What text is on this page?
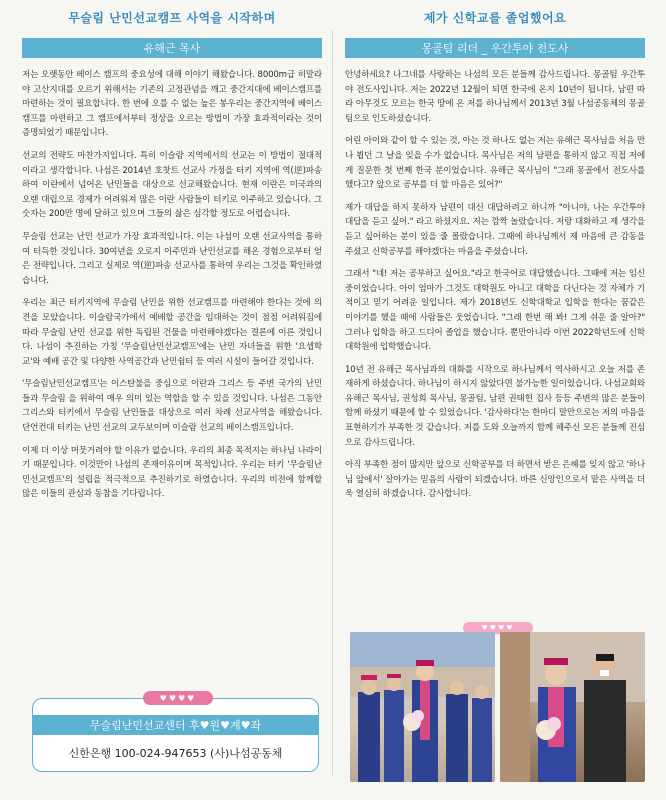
무슬림 난민선교캠프 사역을 시작하며
유해근 목사

저는 오랫동안 베이스 캠프의 중요성에 대해 이야기 해왔습니다. 8000m급 히말라야 고산지대를 오르기 위해서는 기존의 고정관념을 깨고 중간지대에 베이스캠프를 마련하는 것이 필요합니다. 한 번에 오를 수 없는 높은 봉우리는 중간지역에 베이스캠프를 마련하고 그 캠프에서부터 정상을 오르는 방법이 가장 효과적이라는 것이 증명되었기 때문입니다.

선교의 전략도 마찬가지입니다. 특히 이슬람 지역에서의 선교는 이 방법이 절대적이라고 생각합니다. 나섬은 2014년 호찻트 선교사 가정을 터키 지역에 역(逆)파송하여 이란에서 넘어온 난민들을 대상으로 선교해왔습니다. 현재 이란은 미국과의 오랜 대립으로 경제가 어려워져 많은 이란 사람들이 터키로 이주하고 있습니다. 그 숫자는 200만 명에 달하고 있으며 그들의 삶은 심각할 정도로 어렵습니다.

무슬림 선교는 난민 선교가 가장 효과적입니다. 이는 나섬이 오랜 선교사역을 통하여 터득한 것입니다. 30여년을 오로지 이주민과 난민선교를 해온 경험으로부터 얻은 전략입니다. 그리고 실제로 역(逆)파송 선교사를 통하여 우리는 그것을 확인하였습니다.

우리는 최근 터키지역에 무슬림 난민을 위한 선교캠프를 마련해야 한다는 것에 의견을 모았습니다. 이슬람국가에서 예배할 공간을 임대하는 것이 점점 어려워짐에 따라 무슬림 난민 선교를 위한 독립된 건물을 마련해야겠다는 결론에 이른 것입니다. 나섬이 추진하는 가칭 '무슬림난민선교캠프'에는 난민 자녀들을 위한 '요셉학교'와 예배 공간 및 다양한 사역공간과 난민쉼터 등 여러 시설이 들어갈 것입니다.

'무슬림난민선교캠프'는 이스탄불을 중심으로 이란과 그리스 등 주변 국가의 난민들과 무슬림 을 위하여 매우 의미 있는 역할을 할 수 있을 것입니다. 나섬은 그동안 그리스와 터키에서 무슬림 난민들을 대상으로 여러 차례 선교사역을 해왔습니다. 단언컨대 터키는 난민 선교의 교두보이며 이슬람 선교의 베이스캠프입니다.

이제 더 이상 머뭇거려야 할 이유가 없습니다. 우리의 최종 목적지는 하나님 나라이기 때문입니다. 이것만이 나섬의 존재이유이며 목적입니다. 우리는 터키 '무슬림난민선교캠프'의 설립을 적극적으로 추진하기로 하였습니다. 우리의 비전에 함께할 많은 이들의 관심과 동참을 기다립니다.

♥♥♥♥
무슬림난민선교센터 후♥원♥계♥좌
신한은행 100-024-947653 (사)나섬공동체
제가 신학교를 졸업했어요
몽골팀 리더 _ 우간투야 전도사

안녕하세요? 나그네를 사랑하는 나섬의 모든 분들께 감사드립니다. 몽골팀 우간투야 전도사입니다. 저는 2022년 12월이 되면 한국에 온지 10년이 됩니다. 남편 따라 아무것도 모르는 한국 땅에 온 저를 하나님께서 2013년 3월 나섬공동체의 몽골팀으로 인도하셨습니다.

어린 아이와 같이 할 수 있는 것, 아는 것 하나도 없는 저는 유해근 목사님을 처음 만나 뵙던 그 날을 잊을 수가 없습니다. 목사님은 저의 남편을 통하지 않고 직접 저에게 질문한 첫 번째 한국 분이었습니다. 유해근 목사님이 "그래 몽골에서 전도사를 했다고? 앞으로 공부를 더 할 마음은 있어?"

제가 대답을 하지 못하자 남편이 대신 대답하려고 하니까 "아니야, 나는 우간투야 대답을 듣고 싶어." 라고 하셨지요. 저는 깜짝 놀랐습니다. 저랑 대화하고 제 생각을 듣고 싶어하는 분이 있을 줄 몰랐습니다. 그때에 하나님께서 제 마음에 큰 감동을 주셨고 신학공부를 해야겠다는 마음을 주셨습니다.

그래서 "네! 저는 공부하고 싶어요."라고 한국어로 대답했습니다. 그때에 저는 임신 중이었습니다. 아이 엄마가 그것도 대학원도 아니고 대학을 다닌다는 것 자체가 기적이고 믿기 어려운 일입니다. 제가 2018년도 신학대학교 입학을 한다는 꿈같은 이야기를 했을 때에 사람들은 웃었습니다. "그래 한번 해 봐! 그게 쉬운 줄 알아?" 그러나 입학을 하고 드디어 졸업을 했습니다. 뿐만아니라 이번 2022학년도에 신학대학원에 입학했습니다.

10년 전 유해근 목사님과의 대화를 시작으로 하나님께서 역사하시고 오늘 저를 존재하게 하셨습니다. 하나님이 하시지 않았다면 불가능한 일이었습니다. 나섬교회와 유해근 목사님, 권성희 목사님, 몽골팀, 남편 권태헌 집사 등등 주변의 많은 분들이 함께 하셨기 때문에 할 수 있었습니다. '감사하다'는 한마디 말만으로는 저의 마음을 표현하기가 부족한 것 같습니다. 저를 도와 오늘까지 함께 해주신 모든 분들께 진심으로 감사드립니다.

아직 부족한 점이 많지만 앞으로 신학공부를 더 하면서 받은 은혜를 잊지 않고 '하나님 앞에서' 살아가는 믿음의 사람이 되겠습니다. 바른 신앙인으로서 맡은 사역을 더욱 열심히 하겠습니다. 감사합니다.

♥♥♥♥
